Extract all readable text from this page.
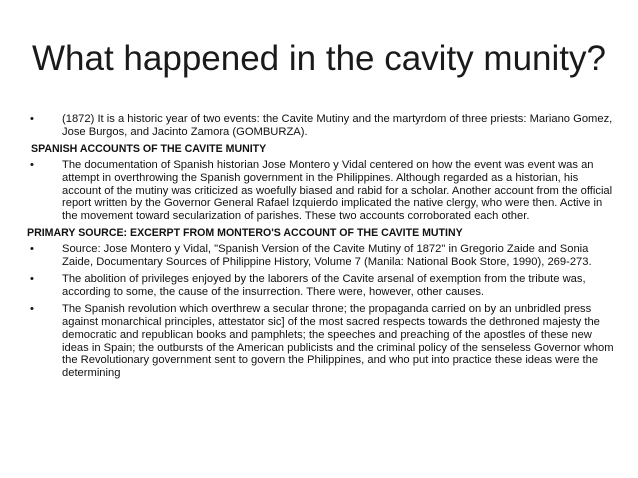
What happened in the cavity munity?
•	(1872) It is a historic year of two events: the Cavite Mutiny and the martyrdom of three priests: Mariano Gomez, Jose Burgos, and Jacinto Zamora (GOMBURZA).
SPANISH ACCOUNTS OF THE CAVITE MUNITY
•	The documentation of Spanish historian Jose Montero y Vidal centered on how the event was event was an attempt in overthrowing the Spanish government in the Philippines. Although regarded as a historian, his account of the mutiny was criticized as woefully biased and rabid for a scholar. Another account from the official report written by the Governor General Rafael Izquierdo implicated the native clergy, who were then. Active in the movement toward secularization of parishes. These two accounts corroborated each other.
PRIMARY SOURCE: EXCERPT FROM MONTERO'S ACCOUNT OF THE CAVITE MUTINY
•	Source: Jose Montero y Vidal, "Spanish Version of the Cavite Mutiny of 1872" in Gregorio Zaide and Sonia Zaide, Documentary Sources of Philippine History, Volume 7 (Manila: National Book Store, 1990), 269-273.
•	The abolition of privileges enjoyed by the laborers of the Cavite arsenal of exemption from the tribute was, according to some, the cause of the insurrection. There were, however, other causes.
•	The Spanish revolution which overthrew a secular throne; the propaganda carried on by an unbridled press against monarchical principles, attestator sic] of the most sacred respects towards the dethroned majesty the democratic and republican books and pamphlets; the speeches and preaching of the apostles of these new ideas in Spain; the outbursts of the American publicists and the criminal policy of the senseless Governor whom the Revolutionary government sent to govern the Philippines, and who put into practice these ideas were the determining
